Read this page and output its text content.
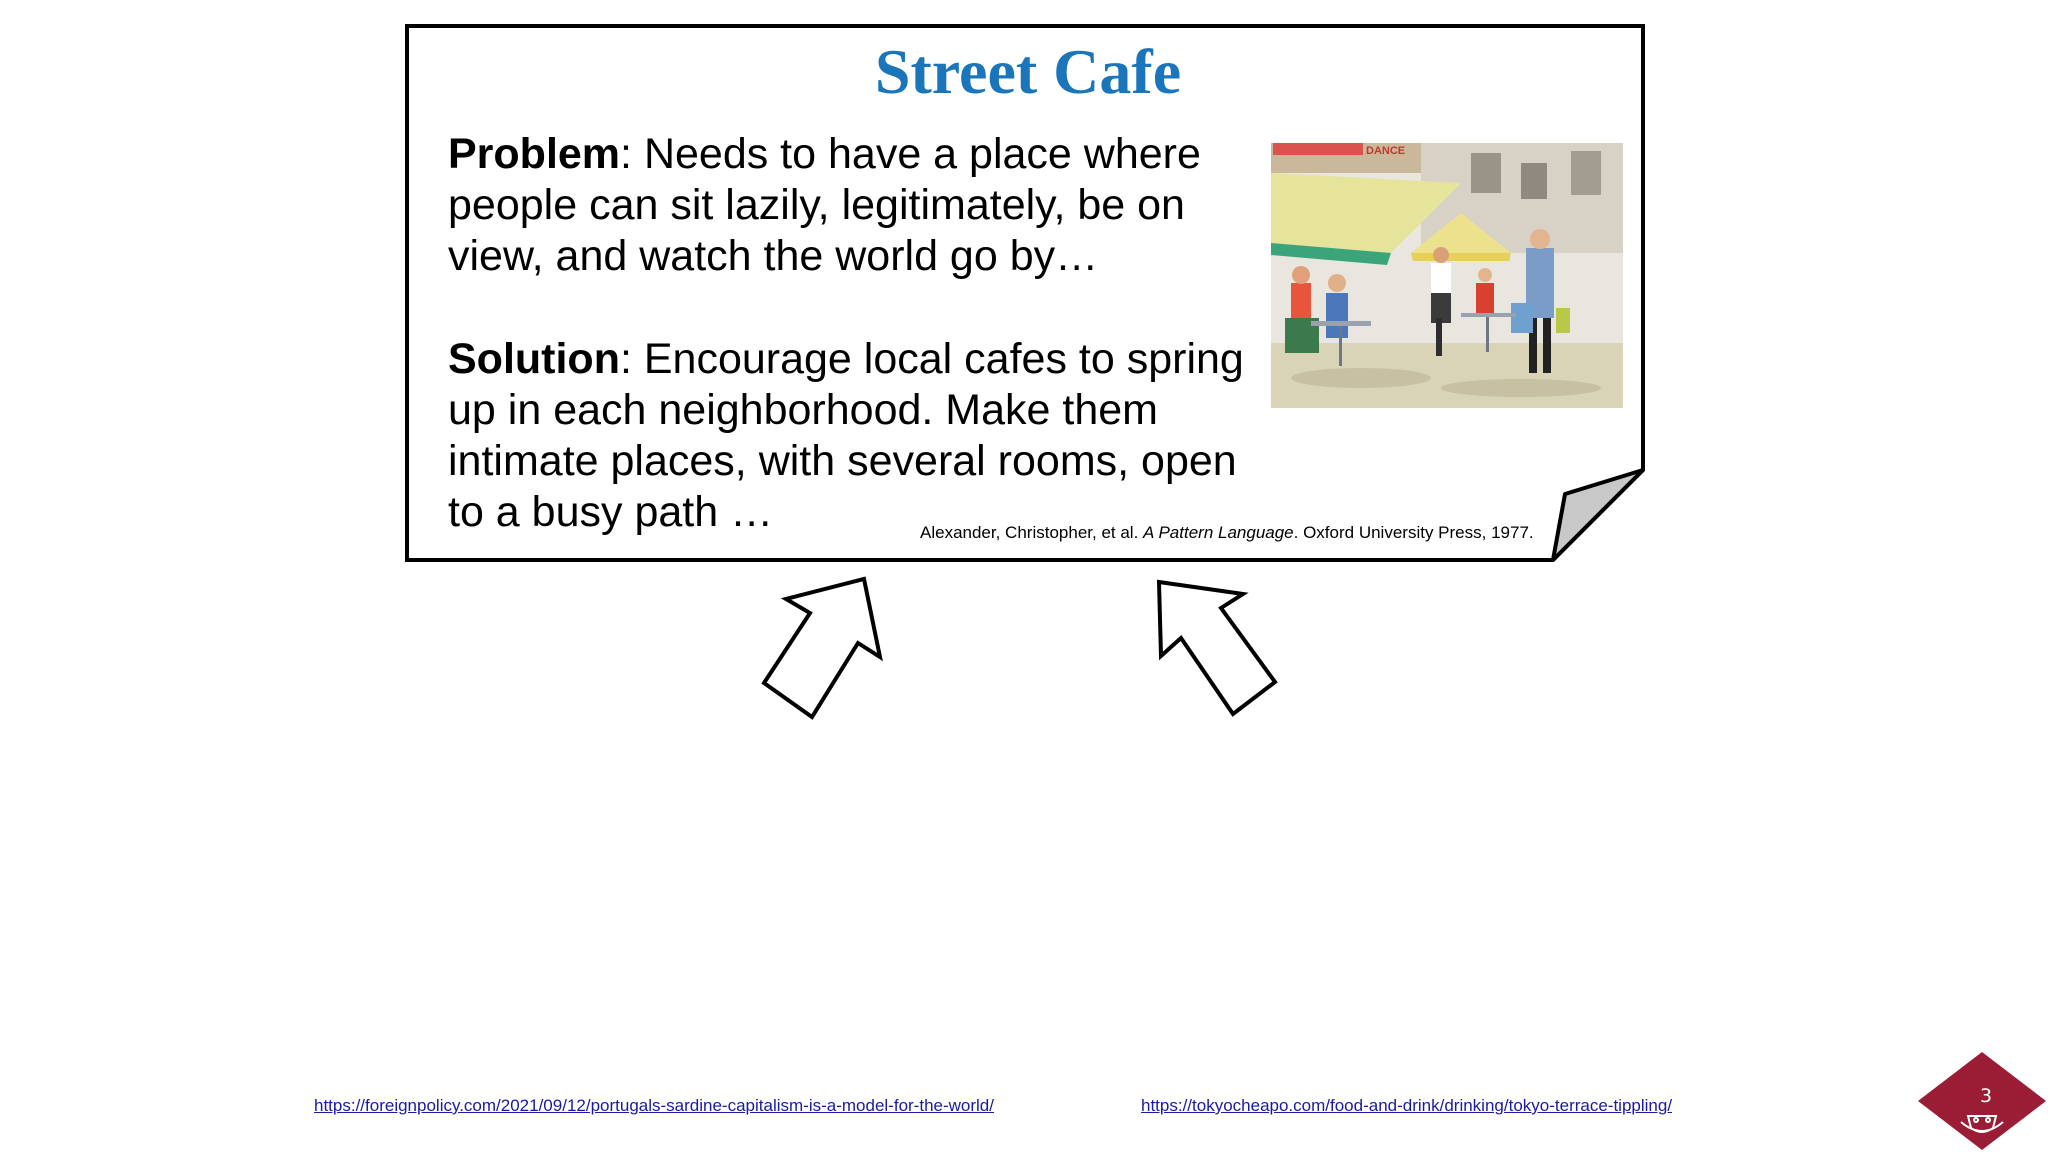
Street Cafe
Problem: Needs to have a place where people can sit lazily, legitimately, be on view, and watch the world go by…
Solution: Encourage local cafes to spring up in each neighborhood. Make them intimate places, with several rooms, open to a busy path …	Alexander, Christopher, et al. A Pattern Language. Oxford University Press, 1977.
DANCE
https://foreignpolicy.com/2021/09/12/portugals-sardine-capitalism-is-a-model-for-the-world/	https://tokyocheapo.com/food-and-drink/drinking/tokyo-terrace-tippling/	3
